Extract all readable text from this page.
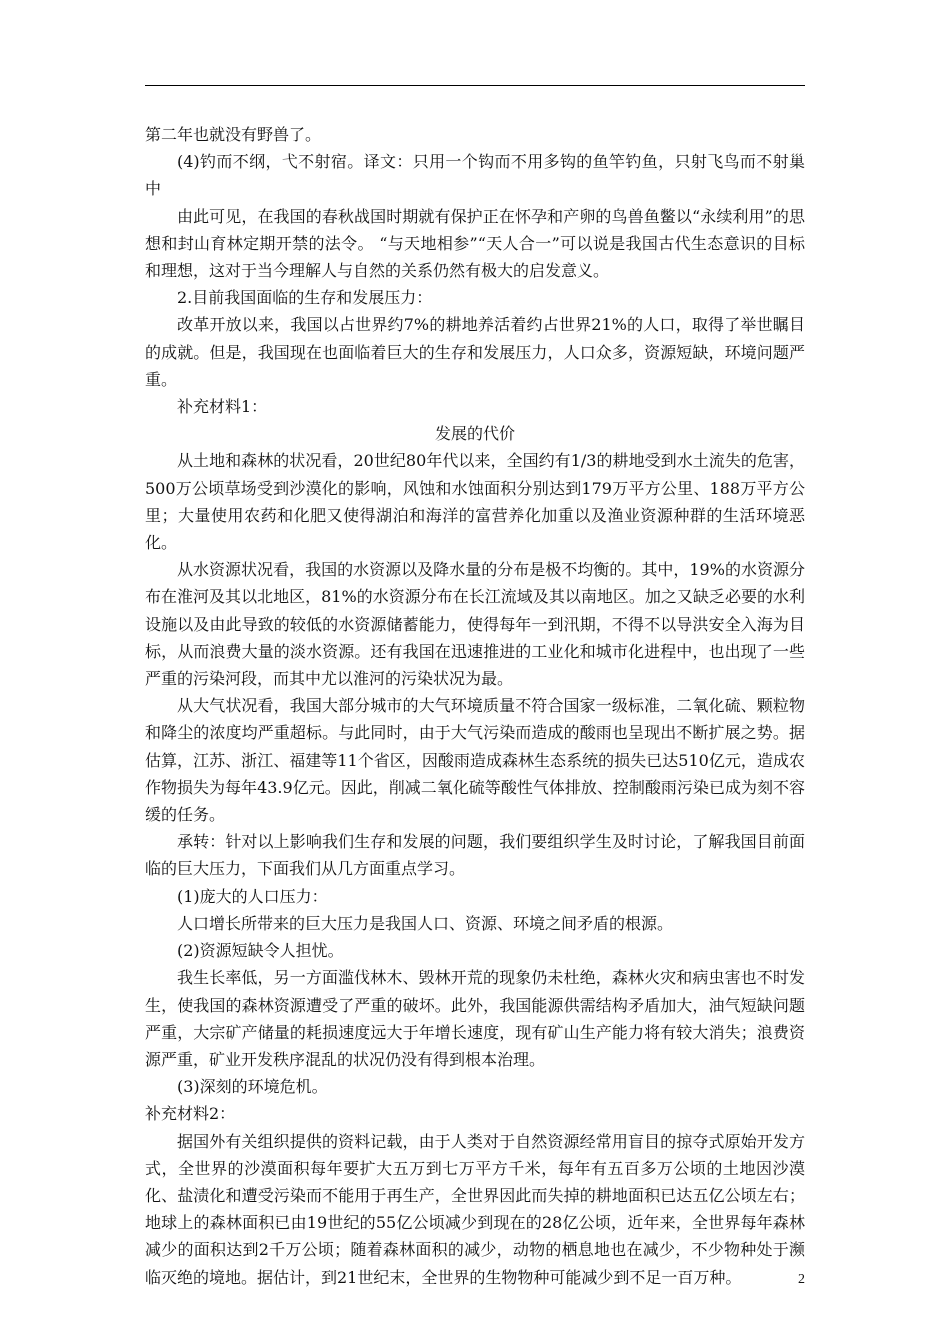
第二年也就没有野兽了。

(4)钓而不纲，弋不射宿。译文：只用一个钩而不用多钩的鱼竿钓鱼，只射飞鸟而不射巢中

由此可见，在我国的春秋战国时期就有保护正在怀孕和产卵的鸟兽鱼鳖以“永续利用”的思想和封山育林定期开禁的法令。 “与天地相参”“天人合一”可以说是我国古代生态意识的目标和理想，这对于当今理解人与自然的关系仍然有极大的启发意义。

2.目前我国面临的生存和发展压力：

改革开放以来，我国以占世界约7%的耕地养活着约占世界21%的人口，取得了举世瞩目的成就。但是，我国现在也面临着巨大的生存和发展压力，人口众多，资源短缺，环境问题严重。

补充材料1：

发展的代价

从土地和森林的状况看，20世纪80年代以来，全国约有1/3的耕地受到水土流失的危害，500万公顷草场受到沙漠化的影响，风蚀和水蚀面积分别达到179万平方公里、188万平方公里；大量使用农药和化肥又使得湖泊和海洋的富营养化加重以及渔业资源种群的生活环境恶化。

从水资源状况看，我国的水资源以及降水量的分布是极不均衡的。其中，19%的水资源分布在淮河及其以北地区，81%的水资源分布在长江流域及其以南地区。加之又缺乏必要的水利设施以及由此导致的较低的水资源储蓄能力，使得每年一到汛期，不得不以导洪安全入海为目标，从而浪费大量的淡水资源。还有我国在迅速推进的工业化和城市化进程中，也出现了一些严重的污染河段，而其中尤以淮河的污染状况为最。

从大气状况看，我国大部分城市的大气环境质量不符合国家一级标准，二氧化硫、颗粒物和降尘的浓度均严重超标。与此同时，由于大气污染而造成的酸雨也呈现出不断扩展之势。据估算，江苏、浙江、福建等11个省区，因酸雨造成森林生态系统的损失已达510亿元，造成农作物损失为每年43.9亿元。因此，削减二氧化硫等酸性气体排放、控制酸雨污染已成为刻不容缓的任务。

承转：针对以上影响我们生存和发展的问题，我们要组织学生及时讨论，了解我国目前面临的巨大压力，下面我们从几方面重点学习。

(1)庞大的人口压力：

人口增长所带来的巨大压力是我国人口、资源、环境之间矛盾的根源。

(2)资源短缺令人担忧。

我生长率低，另一方面滥伐林木、毁林开荒的现象仍未杜绝，森林火灾和病虫害也不时发生，使我国的森林资源遭受了严重的破坏。此外，我国能源供需结构矛盾加大，油气短缺问题严重，大宗矿产储量的耗损速度远大于年增长速度，现有矿山生产能力将有较大消失；浪费资源严重，矿业开发秩序混乱的状况仍没有得到根本治理。

(3)深刻的环境危机。

补充材料2：

据国外有关组织提供的资料记载，由于人类对于自然资源经常用盲目的掠夺式原始开发方式，全世界的沙漠面积每年要扩大五万到七万平方千米，每年有五百多万公顷的土地因沙漠化、盐渍化和遭受污染而不能用于再生产，全世界因此而失掉的耕地面积已达五亿公顷左右；地球上的森林面积已由19世纪的55亿公顷减少到现在的28亿公顷，近年来，全世界每年森林减少的面积达到2千万公顷；随着森林面积的减少，动物的栖息地也在减少，不少物种处于濒临灭绝的境地。据估计，到21世纪末，全世界的生物物种可能减少到不足一百万种。	2
